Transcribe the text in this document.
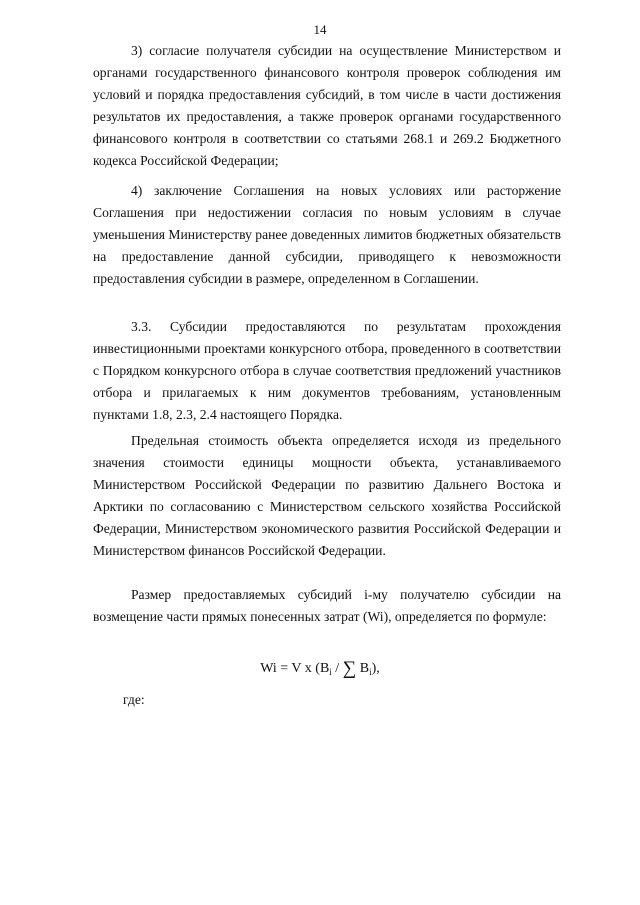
14

3) согласие получателя субсидии на осуществление Министерством и органами государственного финансового контроля проверок соблюдения им условий и порядка предоставления субсидий, в том числе в части достижения результатов их предоставления, а также проверок органами государственного финансового контроля в соответствии со статьями 268.1 и 269.2 Бюджетного кодекса Российской Федерации;

4) заключение Соглашения на новых условиях или расторжение Соглашения при недостижении согласия по новым условиям в случае уменьшения Министерству ранее доведенных лимитов бюджетных обязательств на предоставление данной субсидии, приводящего к невозможности предоставления субсидии в размере, определенном в Соглашении.

3.3. Субсидии предоставляются по результатам прохождения инвестиционными проектами конкурсного отбора, проведенного в соответствии с Порядком конкурсного отбора в случае соответствия предложений участников отбора и прилагаемых к ним документов требованиям, установленным пунктами 1.8, 2.3, 2.4 настоящего Порядка.

Предельная стоимость объекта определяется исходя из предельного значения стоимости единицы мощности объекта, устанавливаемого Министерством Российской Федерации по развитию Дальнего Востока и Арктики по согласованию с Министерством сельского хозяйства Российской Федерации, Министерством экономического развития Российской Федерации и Министерством финансов Российской Федерации.

Размер предоставляемых субсидий i-му получателю субсидии на возмещение части прямых понесенных затрат (Wi), определяется по формуле:

Wi = V x ($B_i$ / ∑ $B_i$),
где:
